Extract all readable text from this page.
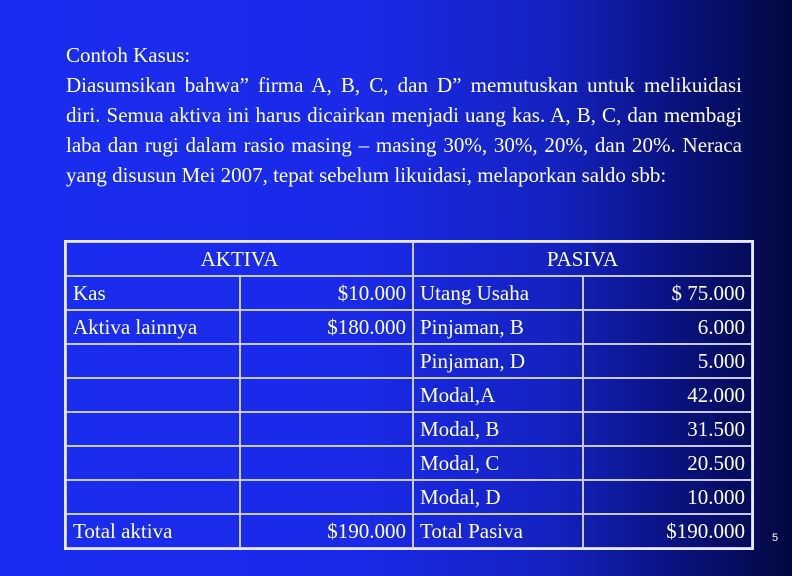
Contoh Kasus:

Diasumsikan bahwa” firma A, B, C, dan D” memutuskan untuk melikuidasi diri. Semua aktiva ini harus dicairkan menjadi uang kas. A, B, C, dan membagi laba dan rugi dalam rasio masing – masing 30%, 30%, 20%, dan 20%. Neraca yang disusun Mei 2007, tepat sebelum likuidasi, melaporkan saldo sbb:

AKTIVA		PASIVA	
Kas	$10.000	Utang Usaha	$ 75.000
Aktiva lainnya	$180.000	Pinjaman, B	6.000
		Pinjaman, D	5.000
		Modal,A	42.000
		Modal, B	31.500
		Modal, C	20.500
		Modal, D	10.000
Total aktiva	$190.000	Total Pasiva	$190.000 5
